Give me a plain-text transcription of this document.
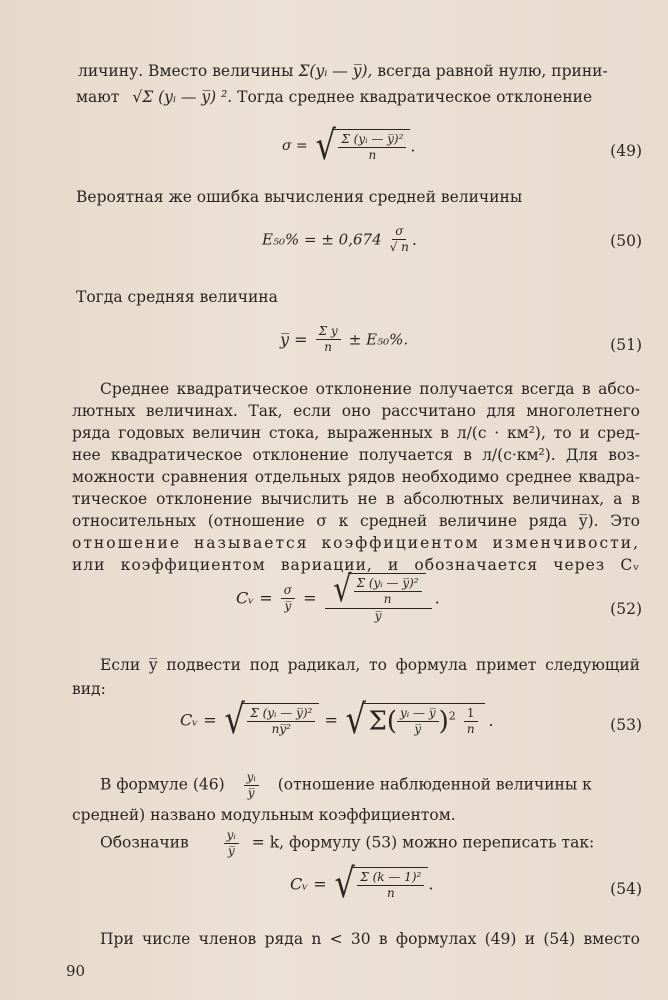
личину. Вместо величины Σ(yᵢ — y̅), всегда равной нулю, прини-
мают √Σ (yᵢ — y̅) ². Тогда среднее квадратическое отклонение
σ = √ $\frac{\text{Σ (yᵢ — y̅)²}}{n}$ .	(49)
Вероятная же ошибка вычисления средней величины
E₅₀% = ± $0,674 \frac{\sigma}{√ n}$ .	(50)
Тогда средняя величина
y̅ = $\frac{\text{Σ y}}{n} \pm E_{50}\%$.	(51)
Среднее квадратическое отклонение получается всегда в абсо-
лютных величинах. Так, если оно рассчитано для многолетнего
ряда годовых величин стока, выраженных в л/(с · км²), то и сред-
нее квадратическое отклонение получается в л/(с·км²). Для воз-
можности сравнения отдельных рядов необходимо среднее квадра-
тическое отклонение вычислить не в абсолютных величинах, а в
относительных (отношение σ к средней величине ряда y̅). Это
отношение называется коэффициентом изменчивости,
или коэффициентом вариации, и обозначается через Cᵥ
Cᵥ = $\frac{\sigma}{y̅} = \frac{√ \frac{\text{Σ (yᵢ — y̅)²}}{n}}{y̅}$ .
(52)
Если y̅ подвести под радикал, то формула примет следующий
вид:
Cᵥ = √ $\frac{\text{Σ (yᵢ — y̅)²}}{\text{ny̅²}} = √\Sigma( \frac{\text{yᵢ — y̅}}{y̅} )^2 \frac{1}{n}$ .	(53)
В формуле $(46) \frac{\text{yᵢ}}{y̅}$ (отношение наблюденной величины к
средней) названо модульным коэффициентом.
Обозначив	$\frac{\text{yᵢ}}{y̅} = k$, формулу (53) можно переписать так:
Cᵥ = √ $\frac{\text{Σ (k — 1)²}}{n}$ .	(54)
При числе членов ряда n < 30 в формулах (49) и (54) вместо
90
